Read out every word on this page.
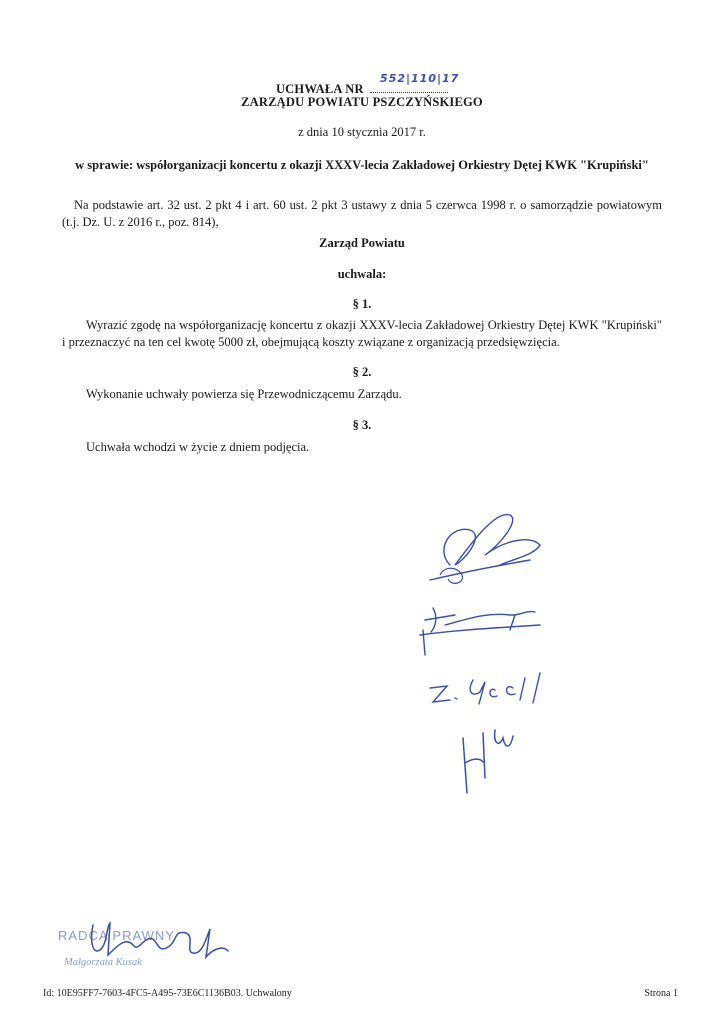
UCHWAŁA NR
552|110|17
ZARZĄDU POWIATU PSZCZYŃSKIEGO
z dnia 10 stycznia 2017 r.
w sprawie: współorganizacji koncertu z okazji XXXV-lecia Zakładowej Orkiestry Dętej KWK "Krupiński"
Na podstawie art. 32 ust. 2 pkt 4 i art. 60 ust. 2 pkt 3 ustawy z dnia 5 czerwca 1998 r. o samorządzie powiatowym (t.j. Dz. U. z 2016 r., poz. 814),
Zarząd Powiatu
uchwala:
§ 1.
Wyrazić zgodę na współorganizację koncertu z okazji XXXV-lecia Zakładowej Orkiestry Dętej KWK "Krupiński" i przeznaczyć na ten cel kwotę 5000 zł, obejmującą koszty związane z organizacją przedsięwzięcia.
§ 2.
Wykonanie uchwały powierza się Przewodniczącemu Zarządu.
§ 3.
Uchwała wchodzi w życie z dniem podjęcia.
RADCA PRAWNY
Małgorzata Kusak
Id: 10E95FF7-7603-4FC5-A495-73E6C1136B03. Uchwalony	Strona 1
